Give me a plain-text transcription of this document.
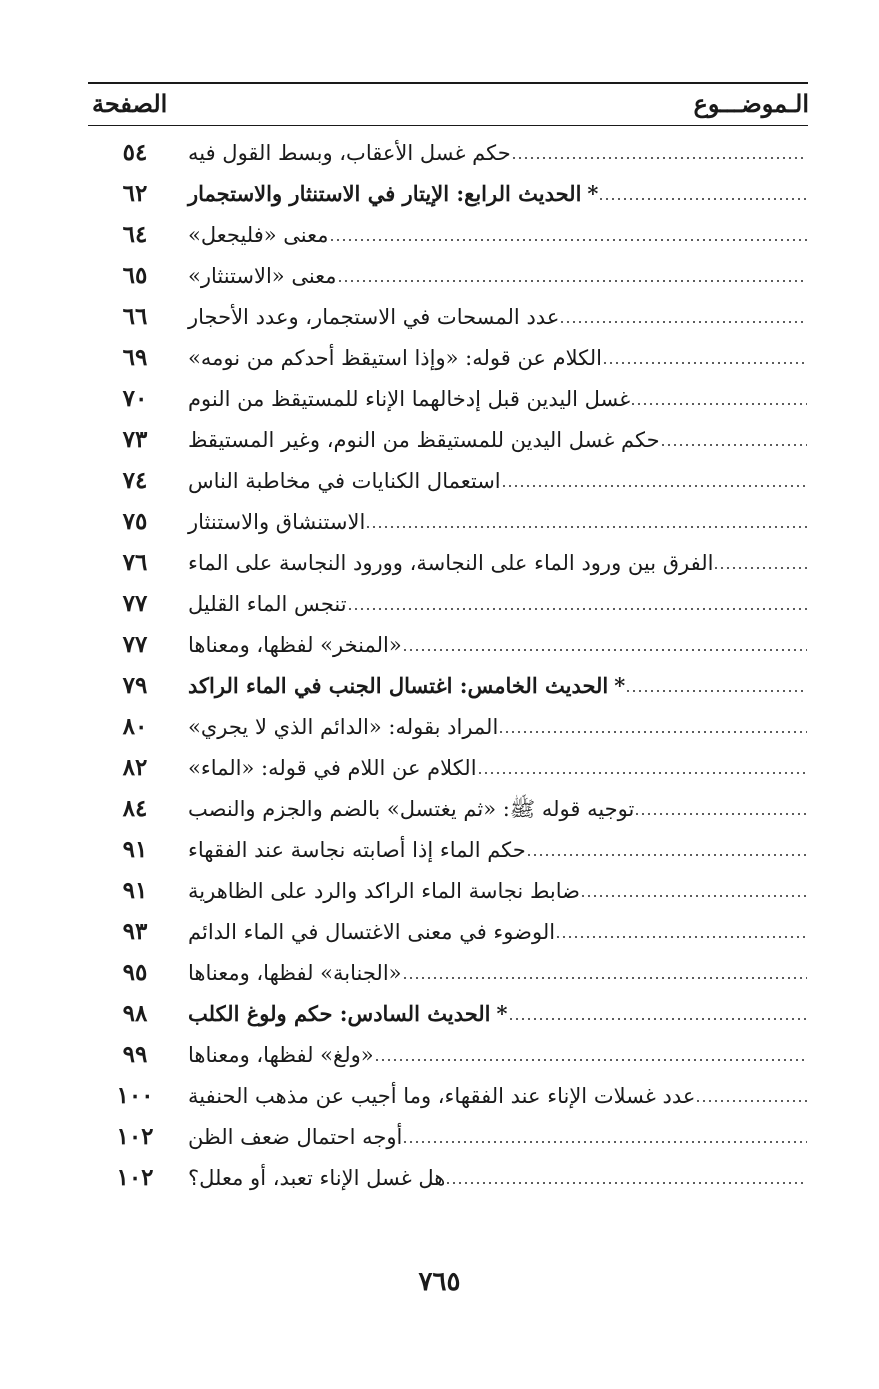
الـموضـــوع
الصفحة
حكم غسل الأعقاب، وبسط القول فيه
٥٤
*الحديث الرابع: الإيتار في الاستنثار والاستجمار
٦٢
معنى «فليجعل»
٦٤
معنى «الاستنثار»
٦٥
عدد المسحات في الاستجمار، وعدد الأحجار
٦٦
الكلام عن قوله: «وإذا استيقظ أحدكم من نومه»
٦٩
غسل اليدين قبل إدخالهما الإناء للمستيقظ من النوم
٧٠
حكم غسل اليدين للمستيقظ من النوم، وغير المستيقظ
٧٣
استعمال الكنايات في مخاطبة الناس
٧٤
الاستنشاق والاستنثار
٧٥
الفرق بين ورود الماء على النجاسة، وورود النجاسة على الماء
٧٦
تنجس الماء القليل
٧٧
«المنخر» لفظها، ومعناها
٧٧
*الحديث الخامس: اغتسال الجنب في الماء الراكد
٧٩
المراد بقوله: «الدائم الذي لا يجري»
٨٠
الكلام عن اللام في قوله: «الماء»
٨٢
توجيه قوله ﷺ: «ثم يغتسل» بالضم والجزم والنصب
٨٤
حكم الماء إذا أصابته نجاسة عند الفقهاء
٩١
ضابط نجاسة الماء الراكد والرد على الظاهرية
٩١
الوضوء في معنى الاغتسال في الماء الدائم
٩٣
«الجنابة» لفظها، ومعناها
٩٥
*الحديث السادس: حكم ولوغ الكلب
٩٨
«ولغ» لفظها، ومعناها
٩٩
عدد غسلات الإناء عند الفقهاء، وما أجيب عن مذهب الحنفية
١٠٠
أوجه احتمال ضعف الظن
١٠٢
هل غسل الإناء تعبد، أو معلل؟
١٠٢
٧٦٥
